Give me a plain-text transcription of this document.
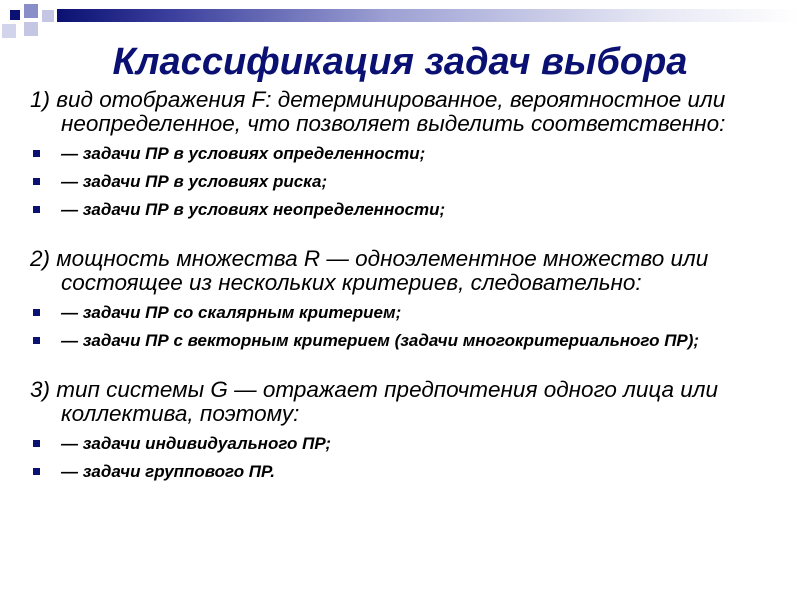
Классификация задач выбора
1) вид отображения F: детерминированное, вероятностное или неопределенное, что позволяет выделить соответственно:
— задачи ПР в условиях определенности;
— задачи ПР в условиях риска;
— задачи ПР в условиях неопределенности;
2) мощность множества R — одноэлементное множество или состоящее из нескольких критериев, следовательно:
— задачи ПР со скалярным критерием;
— задачи ПР с векторным критерием (задачи многокритериального ПР);
3) тип системы G — отражает предпочтения одного лица или коллектива, поэтому:
— задачи индивидуального ПР;
— задачи группового ПР.
